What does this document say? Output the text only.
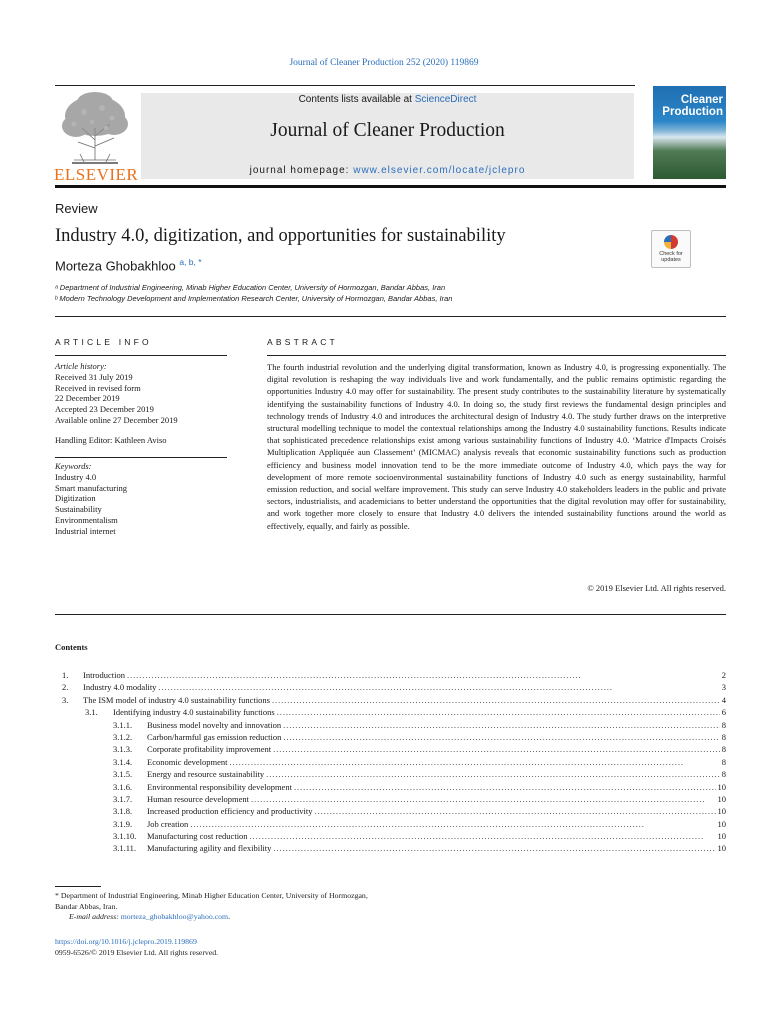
Journal of Cleaner Production 252 (2020) 119869
ELSEVIER
Contents lists available at ScienceDirect
Journal of Cleaner Production
journal homepage: www.elsevier.com/locate/jclepro
Cleaner
Production
Review
Industry 4.0, digitization, and opportunities for sustainability
Morteza Ghobakhloo $^{a, b, *}$
Check for updates
ᵃ Department of Industrial Engineering, Minab Higher Education Center, University of Hormozgan, Bandar Abbas, Iran
ᵇ Modern Technology Development and Implementation Research Center, University of Hormozgan, Bandar Abbas, Iran
ARTICLE INFO
Article history:
Received 31 July 2019
Received in revised form
22 December 2019
Accepted 23 December 2019
Available online 27 December 2019
Handling Editor: Kathleen Aviso
Keywords:
Industry 4.0
Smart manufacturing
Digitization
Sustainability
Environmentalism
Industrial internet
ABSTRACT
The fourth industrial revolution and the underlying digital transformation, known as Industry 4.0, is progressing exponentially. The digital revolution is reshaping the way individuals live and work fundamentally, and the public remains optimistic regarding the opportunities Industry 4.0 may offer for sustainability. The present study contributes to the sustainability literature by systematically identifying the sustainability functions of Industry 4.0. In doing so, the study first reviews the fundamental design principles and technology trends of Industry 4.0 and introduces the architectural design of Industry 4.0. The study further draws on the interpretive structural modelling technique to model the contextual relationships among the Industry 4.0 sustainability functions. Results indicate that sophisticated precedence relationships exist among various sustainability functions of Industry 4.0. ‘Matrice d'Impacts Croisés Multiplication Appliquée aun Classement’ (MICMAC) analysis reveals that economic sustainability functions such as production efficiency and business model innovation tend to be the more immediate outcome of Industry 4.0, which pays the way for development of more remote socioenvironmental sustainability functions of Industry 4.0 such as energy sustainability, harmful emission reduction, and social welfare improvement. This study can serve Industry 4.0 stakeholders leaders in the public and private sectors, industrialists, and academicians to better understand the opportunities that the digital revolution may offer for sustainability, and work together more closely to ensure that Industry 4.0 delivers the intended sustainability functions around the world as effectively, equally, and fairly as possible.
© 2019 Elsevier Ltd. All rights reserved.
Contents
1.	Introduction . . .	2
2.	Industry 4.0 modality . . .	3
3.	The ISM model of industry 4.0 sustainability functions . . .	4
3.1.	Identifying industry 4.0 sustainability functions . . .	6
3.1.1.	Business model novelty and innovation . . .	8
3.1.2.	Carbon/harmful gas emission reduction . . .	8
3.1.3.	Corporate profitability improvement . . .	8
3.1.4.	Economic development . . .	8
3.1.5.	Energy and resource sustainability . . .	8
3.1.6.	Environmental responsibility development . . .	10
3.1.7.	Human resource development . . .	10
3.1.8.	Increased production efficiency and productivity . . .	10
3.1.9.	Job creation . . .	10
3.1.10.	Manufacturing cost reduction . . .	10
3.1.11.	Manufacturing agility and flexibility . . .	10
* Department of Industrial Engineering, Minab Higher Education Center, University of Hormozgan, Bandar Abbas, Iran.
E-mail address: morteza_ghobakhloo@yahoo.com.
https://doi.org/10.1016/j.jclepro.2019.119869
0959-6526/© 2019 Elsevier Ltd. All rights reserved.
